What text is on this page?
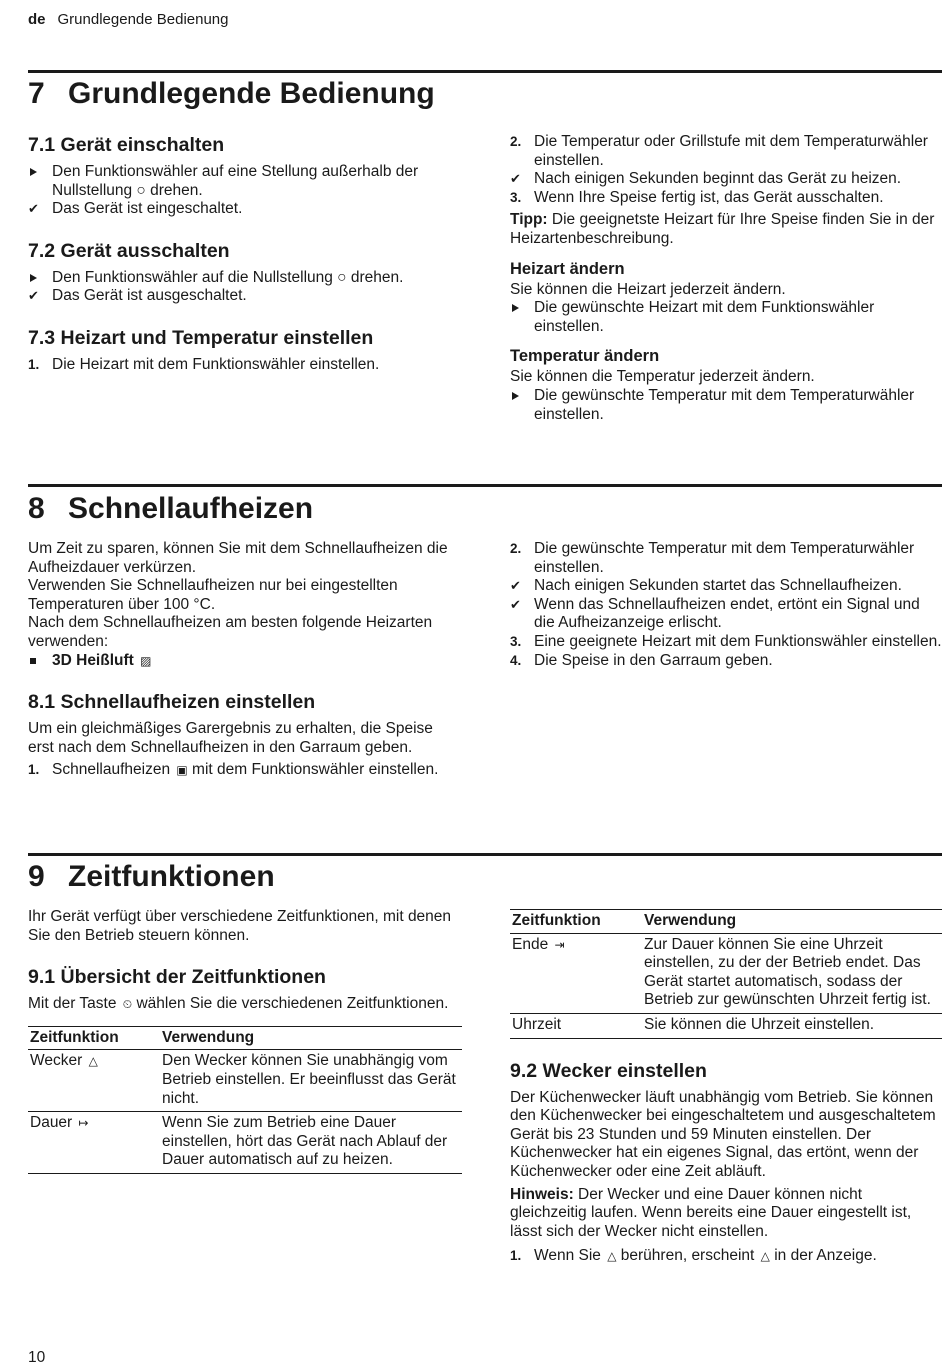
de Grundlegende Bedienung
7 Grundlegende Bedienung
7.1 Gerät einschalten
Den Funktionswähler auf eine Stellung außerhalb der Nullstellung ○ drehen.
✔ Das Gerät ist eingeschaltet.
7.2 Gerät ausschalten
Den Funktionswähler auf die Nullstellung ○ drehen.
✔ Das Gerät ist ausgeschaltet.
7.3 Heizart und Temperatur einstellen
1. Die Heizart mit dem Funktionswähler einstellen.
2. Die Temperatur oder Grillstufe mit dem Temperaturwähler einstellen.
✔ Nach einigen Sekunden beginnt das Gerät zu heizen.
3. Wenn Ihre Speise fertig ist, das Gerät ausschalten.

Tipp: Die geeignetste Heizart für Ihre Speise finden Sie in der Heizartenbeschreibung.

Heizart ändern

Sie können die Heizart jederzeit ändern.

Die gewünschte Heizart mit dem Funktionswähler einstellen.
Temperatur ändern

Sie können die Temperatur jederzeit ändern.

Die gewünschte Temperatur mit dem Temperaturwähler einstellen.
8 Schnellaufheizen

Um Zeit zu sparen, können Sie mit dem Schnellaufheizen die Aufheizdauer verkürzen.

Verwenden Sie Schnellaufheizen nur bei eingestellten Temperaturen über 100 °C.

Nach dem Schnellaufheizen am besten folgende Heizarten verwenden:

3D Heißluft ▨
8.1 Schnellaufheizen einstellen

Um ein gleichmäßiges Garergebnis zu erhalten, die Speise erst nach dem Schnellaufheizen in den Garraum geben.

1. Schnellaufheizen ▣ mit dem Funktionswähler einstellen.
2. Die gewünschte Temperatur mit dem Temperaturwähler einstellen.
✔ Nach einigen Sekunden startet das Schnellaufheizen.
✔ Wenn das Schnellaufheizen endet, ertönt ein Signal und die Aufheizanzeige erlischt.
3. Eine geeignete Heizart mit dem Funktionswähler einstellen.
4. Die Speise in den Garraum geben.
9 Zeitfunktionen

Ihr Gerät verfügt über verschiedene Zeitfunktionen, mit denen Sie den Betrieb steuern können.

9.1 Übersicht der Zeitfunktionen

Mit der Taste ⏲ wählen Sie die verschiedenen Zeitfunktionen.

Zeitfunktion	Verwendung
Wecker △	Den Wecker können Sie unabhängig vom Betrieb einstellen. Er beeinflusst das Gerät nicht.
Dauer ↦	Wenn Sie zum Betrieb eine Dauer einstellen, hört das Gerät nach Ablauf der Dauer automatisch auf zu heizen.
Zeitfunktion	Verwendung
Ende ⇥	Zur Dauer können Sie eine Uhrzeit einstellen, zu der der Betrieb endet. Das Gerät startet automatisch, sodass der Betrieb zur gewünschten Uhrzeit fertig ist.
Uhrzeit	Sie können die Uhrzeit einstellen.
9.2 Wecker einstellen

Der Küchenwecker läuft unabhängig vom Betrieb. Sie können den Küchenwecker bei eingeschaltetem und ausgeschaltetem Gerät bis 23 Stunden und 59 Minuten einstellen. Der Küchenwecker hat ein eigenes Signal, das ertönt, wenn der Küchenwecker oder eine Zeit abläuft.

Hinweis: Der Wecker und eine Dauer können nicht gleichzeitig laufen. Wenn bereits eine Dauer eingestellt ist, lässt sich der Wecker nicht einstellen.

1. Wenn Sie △ berühren, erscheint △ in der Anzeige.
10
